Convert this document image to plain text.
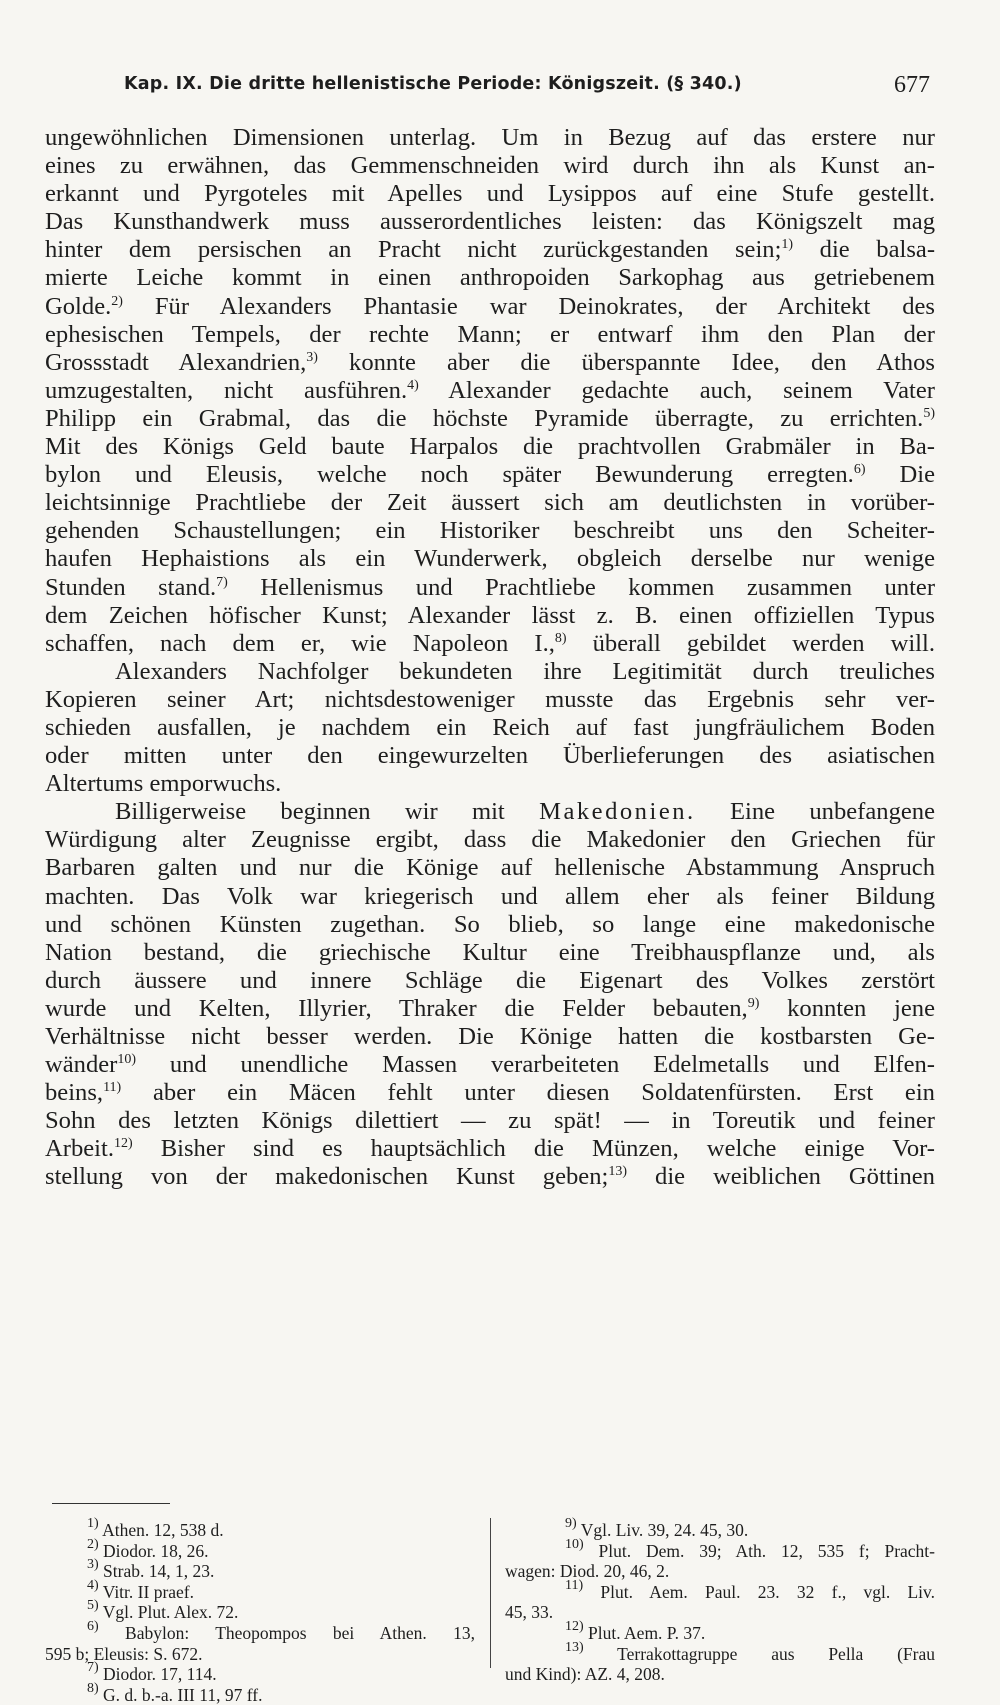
Kap. IX. Die dritte hellenistische Periode: Königszeit. (§ 340.)	677
ungewöhnlichen Dimensionen unterlag. Um in Bezug auf das erstere nur
eines zu erwähnen, das Gemmenschneiden wird durch ihn als Kunst an-
erkannt und Pyrgoteles mit Apelles und Lysippos auf eine Stufe gestellt.
Das Kunsthandwerk muss ausserordentliches leisten: das Königszelt mag
hinter dem persischen an Pracht nicht zurückgestanden sein;$^{1)}$ die balsa-
mierte Leiche kommt in einen anthropoiden Sarkophag aus getriebenem
Golde.$^{2)}$ Für Alexanders Phantasie war Deinokrates, der Architekt des
ephesischen Tempels, der rechte Mann; er entwarf ihm den Plan der
Grossstadt Alexandrien,$^{3)}$ konnte aber die überspannte Idee, den Athos
umzugestalten, nicht ausführen.$^{4)}$ Alexander gedachte auch, seinem Vater
Philipp ein Grabmal, das die höchste Pyramide überragte, zu errichten.$^{5)}$
Mit des Königs Geld baute Harpalos die prachtvollen Grabmäler in Ba-
bylon und Eleusis, welche noch später Bewunderung erregten.$^{6)}$ Die
leichtsinnige Prachtliebe der Zeit äussert sich am deutlichsten in vorüber-
gehenden Schaustellungen; ein Historiker beschreibt uns den Scheiter-
haufen Hephaistions als ein Wunderwerk, obgleich derselbe nur wenige
Stunden stand.$^{7)}$ Hellenismus und Prachtliebe kommen zusammen unter
dem Zeichen höfischer Kunst; Alexander lässt z. B. einen offiziellen Typus
schaffen, nach dem er, wie Napoleon I.,$^{8)}$ überall gebildet werden will.
Alexanders Nachfolger bekundeten ihre Legitimität durch treuliches
Kopieren seiner Art; nichtsdestoweniger musste das Ergebnis sehr ver-
schieden ausfallen, je nachdem ein Reich auf fast jungfräulichem Boden
oder mitten unter den eingewurzelten Überlieferungen des asiatischen
Altertums emporwuchs.
Billigerweise beginnen wir mit Makedonien. Eine unbefangene
Würdigung alter Zeugnisse ergibt, dass die Makedonier den Griechen für
Barbaren galten und nur die Könige auf hellenische Abstammung Anspruch
machten. Das Volk war kriegerisch und allem eher als feiner Bildung
und schönen Künsten zugethan. So blieb, so lange eine makedonische
Nation bestand, die griechische Kultur eine Treibhauspflanze und, als
durch äussere und innere Schläge die Eigenart des Volkes zerstört
wurde und Kelten, Illyrier, Thraker die Felder bebauten,$^{9)}$ konnten jene
Verhältnisse nicht besser werden. Die Könige hatten die kostbarsten Ge-
wänder$^{10)}$ und unendliche Massen verarbeiteten Edelmetalls und Elfen-
beins,$^{11)}$ aber ein Mäcen fehlt unter diesen Soldatenfürsten. Erst ein
Sohn des letzten Königs dilettiert — zu spät! — in Toreutik und feiner
Arbeit.$^{12)}$ Bisher sind es hauptsächlich die Münzen, welche einige Vor-
stellung von der makedonischen Kunst geben;$^{13)}$ die weiblichen Göttinen
$^{1)}$ Athen. 12, 538 d.
$^{2)}$ Diodor. 18, 26.
$^{3)}$ Strab. 14, 1, 23.
$^{4)}$ Vitr. II praef.
$^{5)}$ Vgl. Plut. Alex. 72.
$^{6)}$ Babylon: Theopompos bei Athen. 13,
595 b; Eleusis: S. 672.
$^{7)}$ Diodor. 17, 114.
$^{8)}$ G. d. b.-a. III 11, 97 ff.
$^{9)}$ Vgl. Liv. 39, 24. 45, 30.
$^{10)}$ Plut. Dem. 39; Ath. 12, 535 f; Pracht-
wagen: Diod. 20, 46, 2.
$^{11)}$ Plut. Aem. Paul. 23. 32 f., vgl. Liv.
45, 33.
$^{12)}$ Plut. Aem. P. 37.
$^{13)}$ Terrakottagruppe aus Pella (Frau
und Kind): AZ. 4, 208.
